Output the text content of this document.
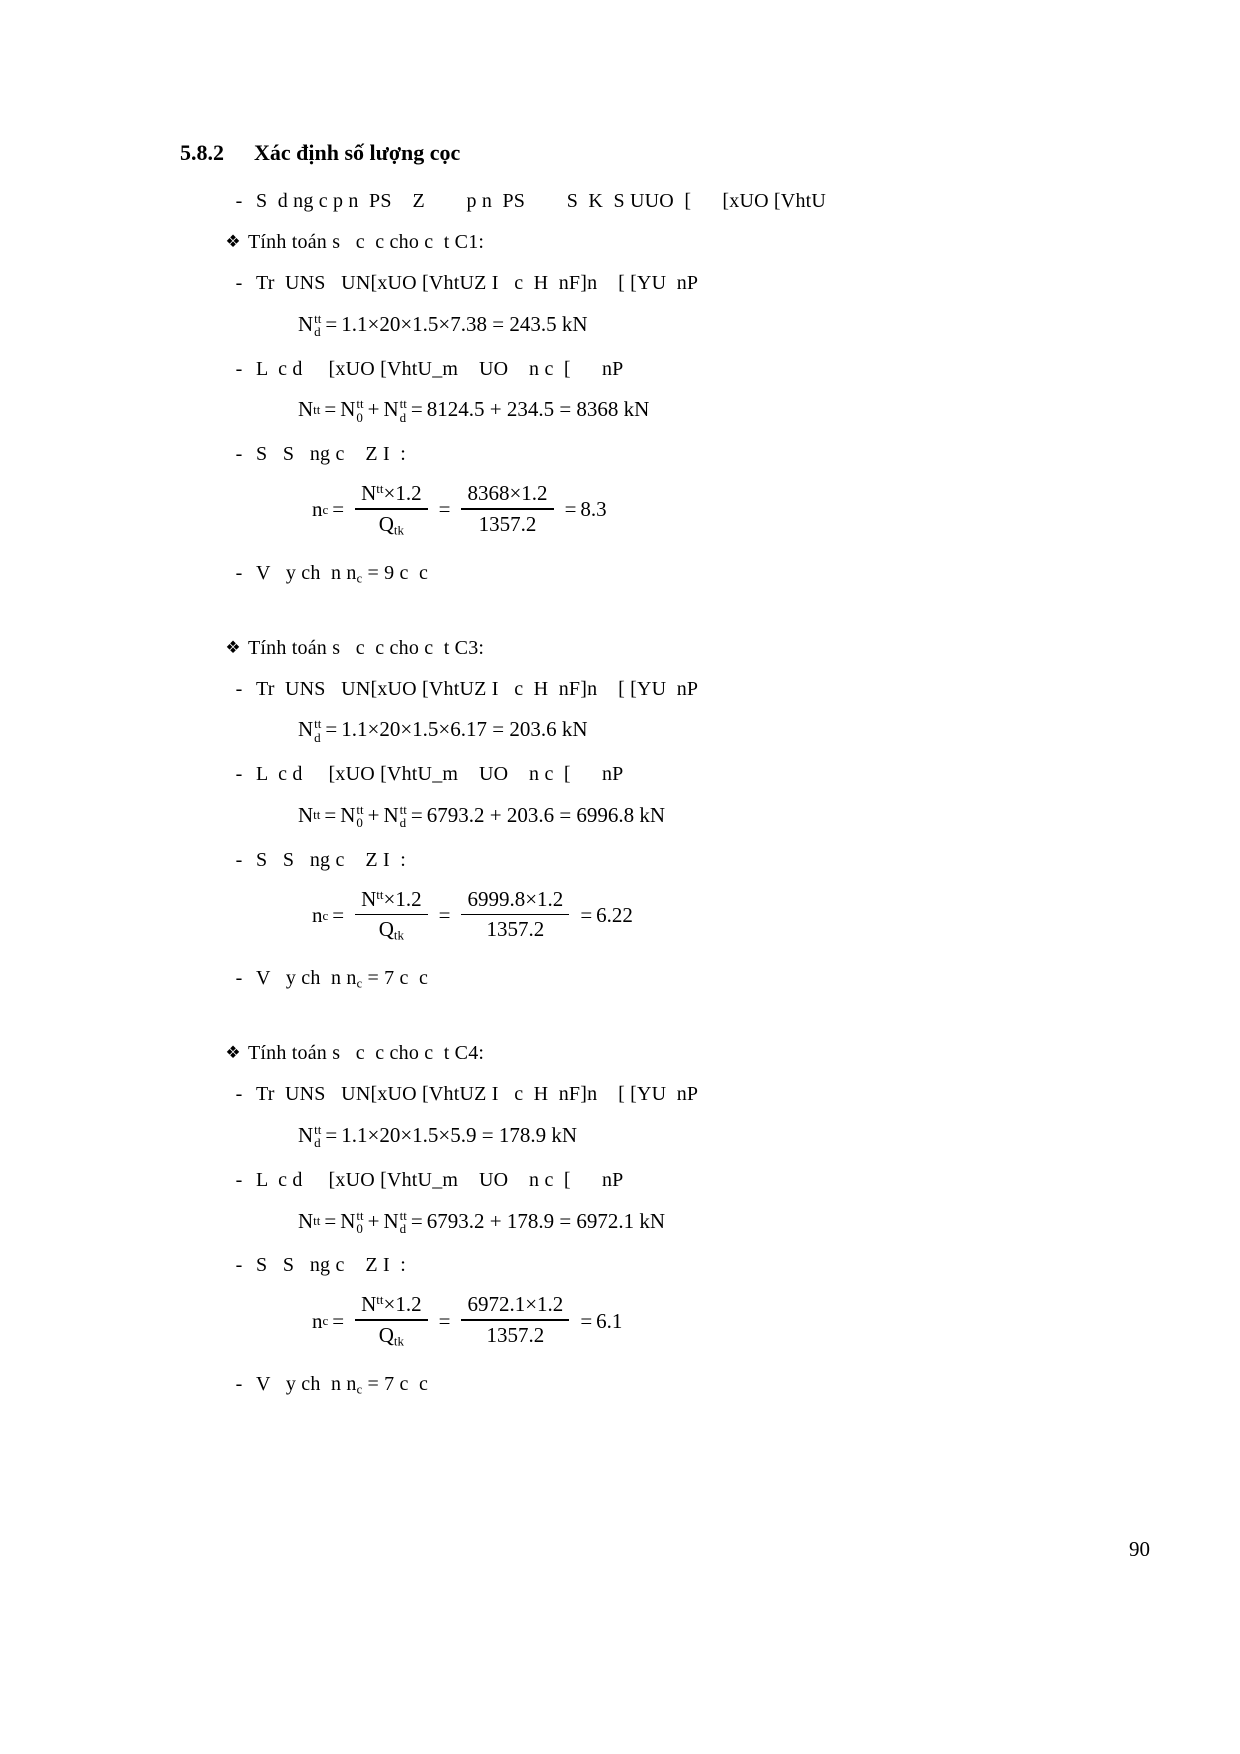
5.8.2	Xác định số lượng cọc
- S  d ng c p n  PS    Z        p n  PS        S  K  S UUO  [      [xUO [VhtU
❖ Tính toán s   c  c cho c  t C1:
- Tr  UNS   UN[xUO [VhtUZ I   c  H  nF]n    [ [YU  nP
N tt
d = 1.1×20×1.5×7.38 = 243.5 kN
- L  c d     [xUO [VhtU_m    UO    n c  [      nP
N tt = N tt
0 + N tt
d = 8124.5 + 234.5 = 8368 kN
- S   S   ng c    Z I  :
n $c = \frac{N^{tt}\times 1.2}{Q_{tk}} = \frac{8368\times 1.2}{1357.2} = 8.3$
- V   y ch  n $n_c = 9$ c  c
❖ Tính toán s   c  c cho c  t C3:
- Tr  UNS   UN[xUO [VhtUZ I   c  H  nF]n    [ [YU  nP
N tt
d = 1.1×20×1.5×6.17 = 203.6 kN
- L  c d     [xUO [VhtU_m    UO    n c  [      nP
N tt = N tt
0 + N tt
d = 6793.2 + 203.6 = 6996.8 kN
- S   S   ng c    Z I  :
n $c = \frac{N^{tt}\times 1.2}{Q_{tk}} = \frac{6999.8\times 1.2}{1357.2} = 6.22$
- V   y ch  n $n_c = 7$ c  c
❖ Tính toán s   c  c cho c  t C4:
- Tr  UNS   UN[xUO [VhtUZ I   c  H  nF]n    [ [YU  nP
N tt
d = 1.1×20×1.5×5.9 = 178.9 kN
- L  c d     [xUO [VhtU_m    UO    n c  [      nP
N tt = N tt
0 + N tt
d = 6793.2 + 178.9 = 6972.1 kN
- S   S   ng c    Z I  :
n $c = \frac{N^{tt}\times 1.2}{Q_{tk}} = \frac{6972.1\times 1.2}{1357.2} = 6.1$
- V   y ch  n $n_c = 7$ c  c
90
